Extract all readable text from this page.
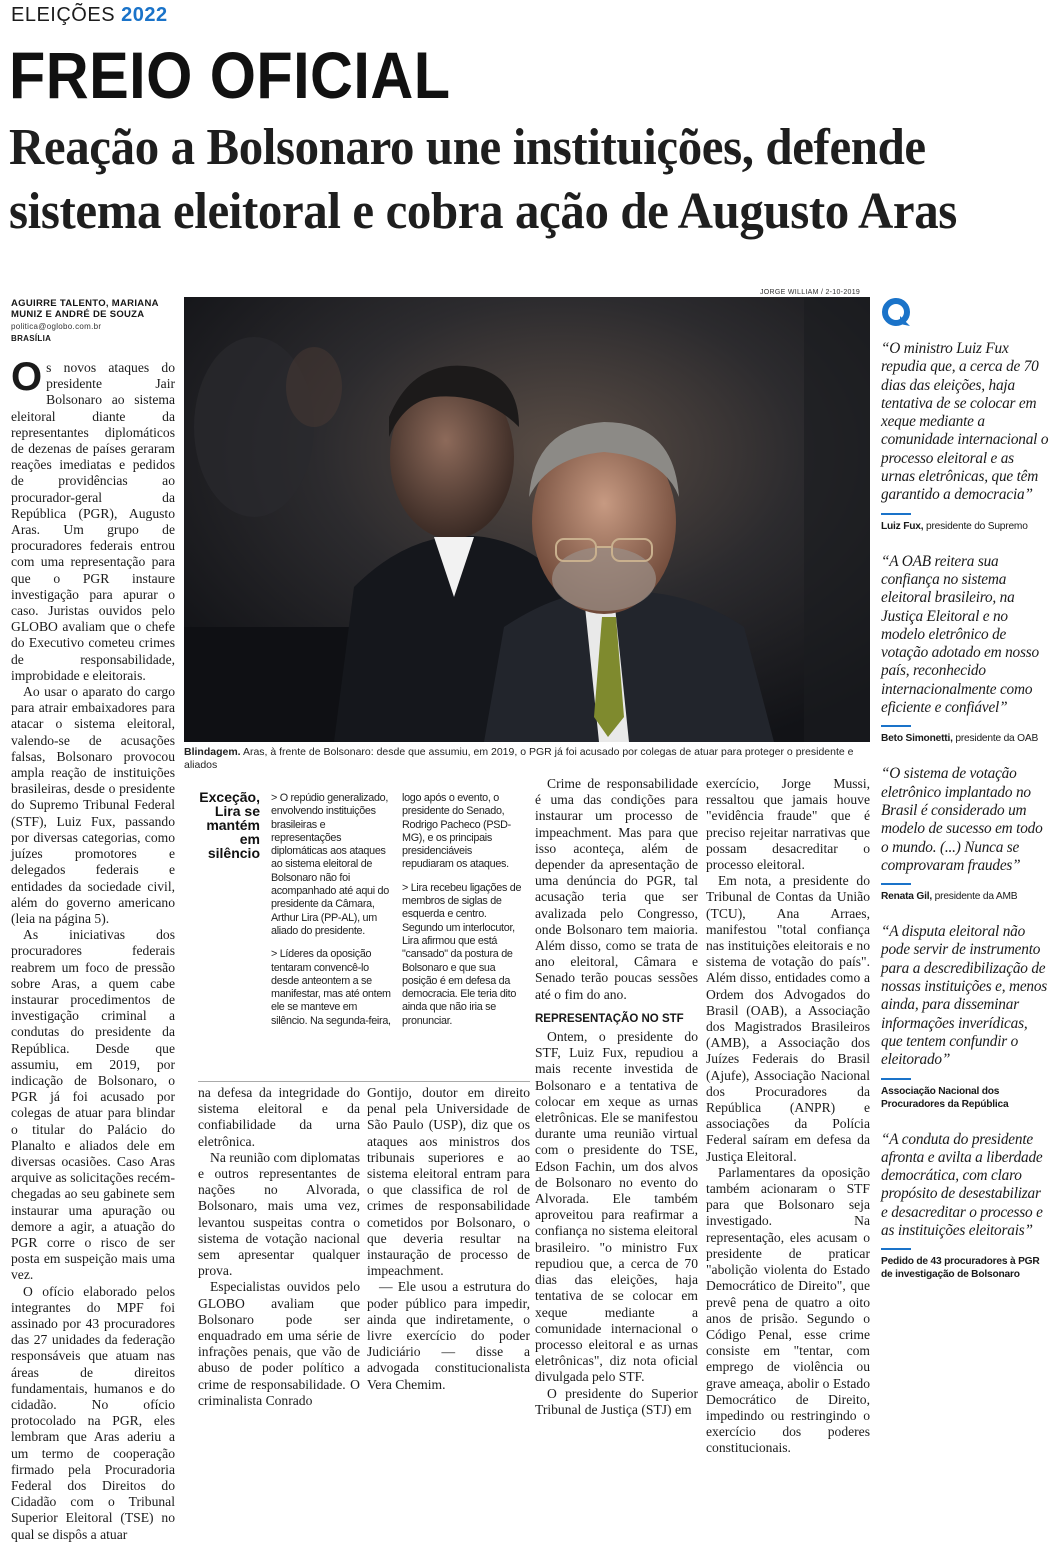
ELEIÇÕES 2022
FREIO OFICIAL
Reação a Bolsonaro une instituições, defende sistema eleitoral e cobra ação de Augusto Aras
AGUIRRE TALENTO, MARIANA MUNIZ E ANDRÉ DE SOUZA
politica@oglobo.com.br
BRASÍLIA

Os novos ataques do presidente Jair Bolsonaro ao sistema eleitoral diante da representantes diplomáticos de dezenas de países geraram reações imediatas e pedidos de providências ao procurador-geral da República (PGR), Augusto Aras. Um grupo de procuradores federais entrou com uma representação para que o PGR instaure investigação para apurar o caso. Juristas ouvidos pelo GLOBO avaliam que o chefe do Executivo cometeu crimes de responsabilidade, improbidade e eleitorais.

Ao usar o aparato do cargo para atrair embaixadores para atacar o sistema eleitoral, valendo-se de acusações falsas, Bolsonaro provocou ampla reação de instituições brasileiras, desde o presidente do Supremo Tribunal Federal (STF), Luiz Fux, passando por diversas categorias, como juízes promotores e delegados federais e entidades da sociedade civil, além do governo americano (leia na página 5).

As iniciativas dos procuradores federais reabrem um foco de pressão sobre Aras, a quem cabe instaurar procedimentos de investigação criminal a condutas do presidente da República. Desde que assumiu, em 2019, por indicação de Bolsonaro, o PGR já foi acusado por colegas de atuar para blindar o titular do Palácio do Planalto e aliados dele em diversas ocasiões. Caso Aras arquive as solicitações recém-chegadas ao seu gabinete sem instaurar uma apuração ou demore a agir, a atuação do PGR corre o risco de ser posta em suspeição mais uma vez.

O ofício elaborado pelos integrantes do MPF foi assinado por 43 procuradores das 27 unidades da federação responsáveis que atuam nas áreas de direitos fundamentais, humanos e do cidadão. No ofício protocolado na PGR, eles lembram que Aras aderiu a um termo de cooperação firmado pela Procuradoria Federal dos Direitos do Cidadão com o Tribunal Superior Eleitoral (TSE) no qual se dispôs a atuar

JORGE WILLIAM / 2-10-2019
Blindagem. Aras, à frente de Bolsonaro: desde que assumiu, em 2019, o PGR já foi acusado por colegas de atuar para proteger o presidente e aliados
Exceção, Lira se mantém em silêncio

> O repúdio generalizado, envolvendo instituições brasileiras e representações diplomáticas aos ataques ao sistema eleitoral de Bolsonaro não foi acompanhado até aqui do presidente da Câmara, Arthur Lira (PP-AL), um aliado do presidente.

> Líderes da oposição tentaram convencê-lo desde anteontem a se manifestar, mas até ontem ele se manteve em silêncio. Na segunda-feira,

logo após o evento, o presidente do Senado, Rodrigo Pacheco (PSD-MG), e os principais presidenciáveis repudiaram os ataques.

> Lira recebeu ligações de membros de siglas de esquerda e centro. Segundo um interlocutor, Lira afirmou que está "cansado" da postura de Bolsonaro e que sua posição é em defesa da democracia. Ele teria dito ainda que não iria se pronunciar.

na defesa da integridade do sistema eleitoral e da confiabilidade da urna eletrônica.

Na reunião com diplomatas e outros representantes de nações no Alvorada, Bolsonaro, mais uma vez, levantou suspeitas contra o sistema de votação nacional sem apresentar qualquer prova.

Especialistas ouvidos pelo GLOBO avaliam que Bolsonaro pode ser enquadrado em uma série de infrações penais, que vão de abuso de poder político a crime de responsabilidade. O criminalista Conrado

Gontijo, doutor em direito penal pela Universidade de São Paulo (USP), diz que os ataques aos ministros dos tribunais superiores e ao sistema eleitoral entram para o que classifica de rol de crimes de responsabilidade cometidos por Bolsonaro, o que deveria resultar na instauração de processo de impeachment.

— Ele usou a estrutura do poder público para impedir, ainda que indiretamente, o livre exercício do poder Judiciário — disse a advogada constitucionalista Vera Chemim.

Crime de responsabilidade é uma das condições para instaurar um processo de impeachment. Mas para que isso aconteça, além de depender da apresentação de uma denúncia do PGR, tal acusação teria que ser avalizada pelo Congresso, onde Bolsonaro tem maioria. Além disso, como se trata de ano eleitoral, Câmara e Senado terão poucas sessões até o fim do ano.

REPRESENTAÇÃO NO STF

Ontem, o presidente do STF, Luiz Fux, repudiou a mais recente investida de Bolsonaro e a tentativa de colocar em xeque as urnas eletrônicas. Ele se manifestou durante uma reunião virtual com o presidente do TSE, Edson Fachin, um dos alvos de Bolsonaro no evento do Alvorada. Ele também aproveitou para reafirmar a confiança no sistema eleitoral brasileiro. "o ministro Fux repudiou que, a cerca de 70 dias das eleições, haja tentativa de se colocar em xeque mediante a comunidade internacional o processo eleitoral e as urnas eletrônicas", diz nota oficial divulgada pelo STF.

O presidente do Superior Tribunal de Justiça (STJ) em

exercício, Jorge Mussi, ressaltou que jamais houve "evidência fraude" que é preciso rejeitar narrativas que possam desacreditar o processo eleitoral.

Em nota, a presidente do Tribunal de Contas da União (TCU), Ana Arraes, manifestou "total confiança nas instituições eleitorais e no sistema de votação do país". Além disso, entidades como a Ordem dos Advogados do Brasil (OAB), a Associação dos Magistrados Brasileiros (AMB), a Associação dos Juízes Federais do Brasil (Ajufe), Associação Nacional dos Procuradores da República (ANPR) e associações da Polícia Federal saíram em defesa da Justiça Eleitoral.

Parlamentares da oposição também acionaram o STF para que Bolsonaro seja investigado. Na representação, eles acusam o presidente de praticar "abolição violenta do Estado Democrático de Direito", que prevê pena de quatro a oito anos de prisão. Segundo o Código Penal, esse crime consiste em "tentar, com emprego de violência ou grave ameaça, abolir o Estado Democrático de Direito, impedindo ou restringindo o exercício dos poderes constitucionais.

“O ministro Luiz Fux repudia que, a cerca de 70 dias das eleições, haja tentativa de se colocar em xeque mediante a comunidade internacional o processo eleitoral e as urnas eletrônicas, que têm garantido a democracia”
Luiz Fux, presidente do Supremo
“A OAB reitera sua confiança no sistema eleitoral brasileiro, na Justiça Eleitoral e no modelo eletrônico de votação adotado em nosso país, reconhecido internacionalmente como eficiente e confiável”
Beto Simonetti, presidente da OAB
“O sistema de votação eletrônico implantado no Brasil é considerado um modelo de sucesso em todo o mundo. (...) Nunca se comprovaram fraudes”
Renata Gil, presidente da AMB
“A disputa eleitoral não pode servir de instrumento para a descredibilização de nossas instituições e, menos ainda, para disseminar informações inverídicas, que tentem confundir o eleitorado”
Associação Nacional dos Procuradores da República
“A conduta do presidente afronta e avilta a liberdade democrática, com claro propósito de desestabilizar e desacreditar o processo e as instituições eleitorais”
Pedido de 43 procuradores à PGR de investigação de Bolsonaro
